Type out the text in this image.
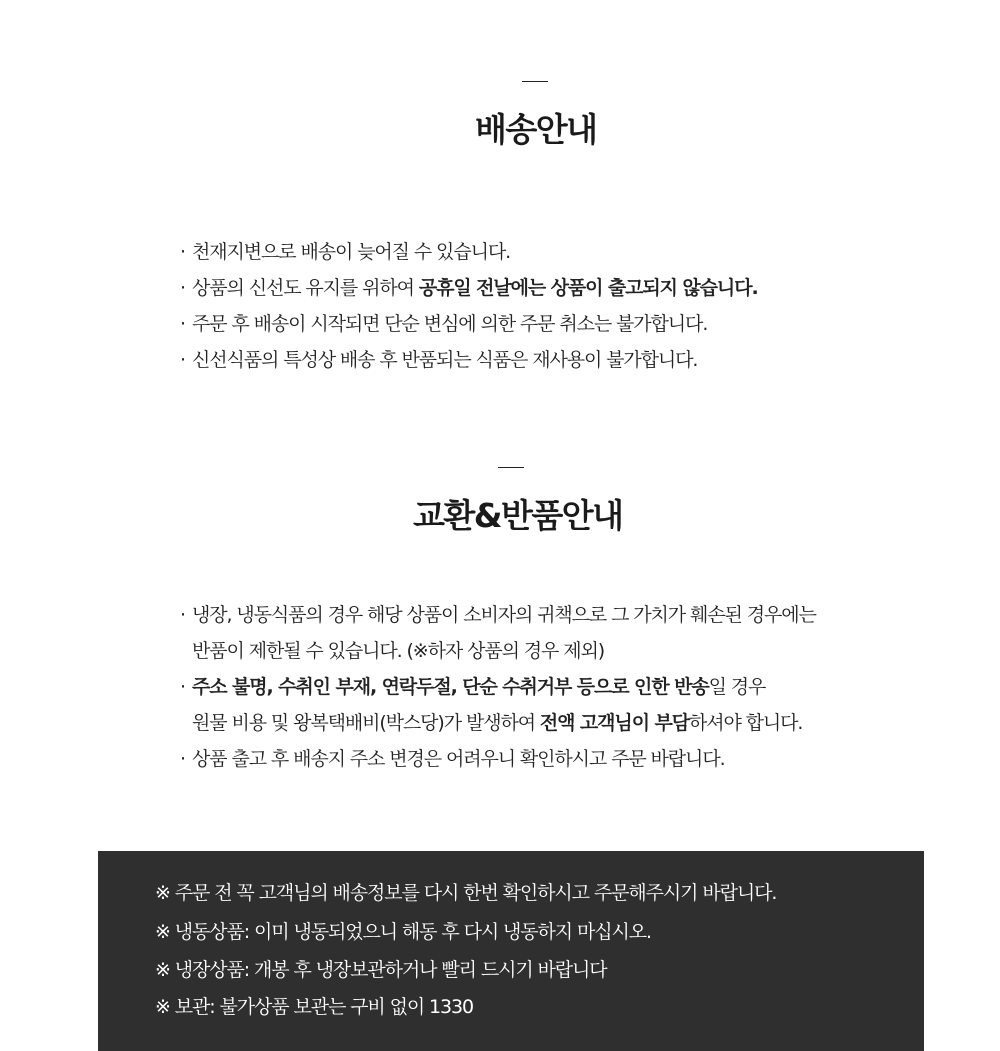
배송안내
· 천재지변으로 배송이 늦어질 수 있습니다.
· 상품의 신선도 유지를 위하여 공휴일 전날에는 상품이 출고되지 않습니다.
· 주문 후 배송이 시작되면 단순 변심에 의한 주문 취소는 불가합니다.
· 신선식품의 특성상 배송 후 반품되는 식품은 재사용이 불가합니다.
교환&반품안내
· 냉장, 냉동식품의 경우 해당 상품이 소비자의 귀책으로 그 가치가 훼손된 경우에는
반품이 제한될 수 있습니다. (※하자 상품의 경우 제외)
· 주소 불명, 수취인 부재, 연락두절, 단순 수취거부 등으로 인한 반송일 경우
원물 비용 및 왕복택배비(박스당)가 발생하여 전액 고객님이 부담하셔야 합니다.
· 상품 출고 후 배송지 주소 변경은 어려우니 확인하시고 주문 바랍니다.
※ 주문 전 꼭 고객님의 배송정보를 다시 한번 확인하시고 주문해주시기 바랍니다.
※ 냉동상품: 이미 냉동되었으니 해동 후 다시 냉동하지 마십시오.
※ 냉장상품: 개봉 후 냉장보관하거나 빨리 드시기 바랍니다
※ 보관: 불가상품 보관는 구비 없이 1330
